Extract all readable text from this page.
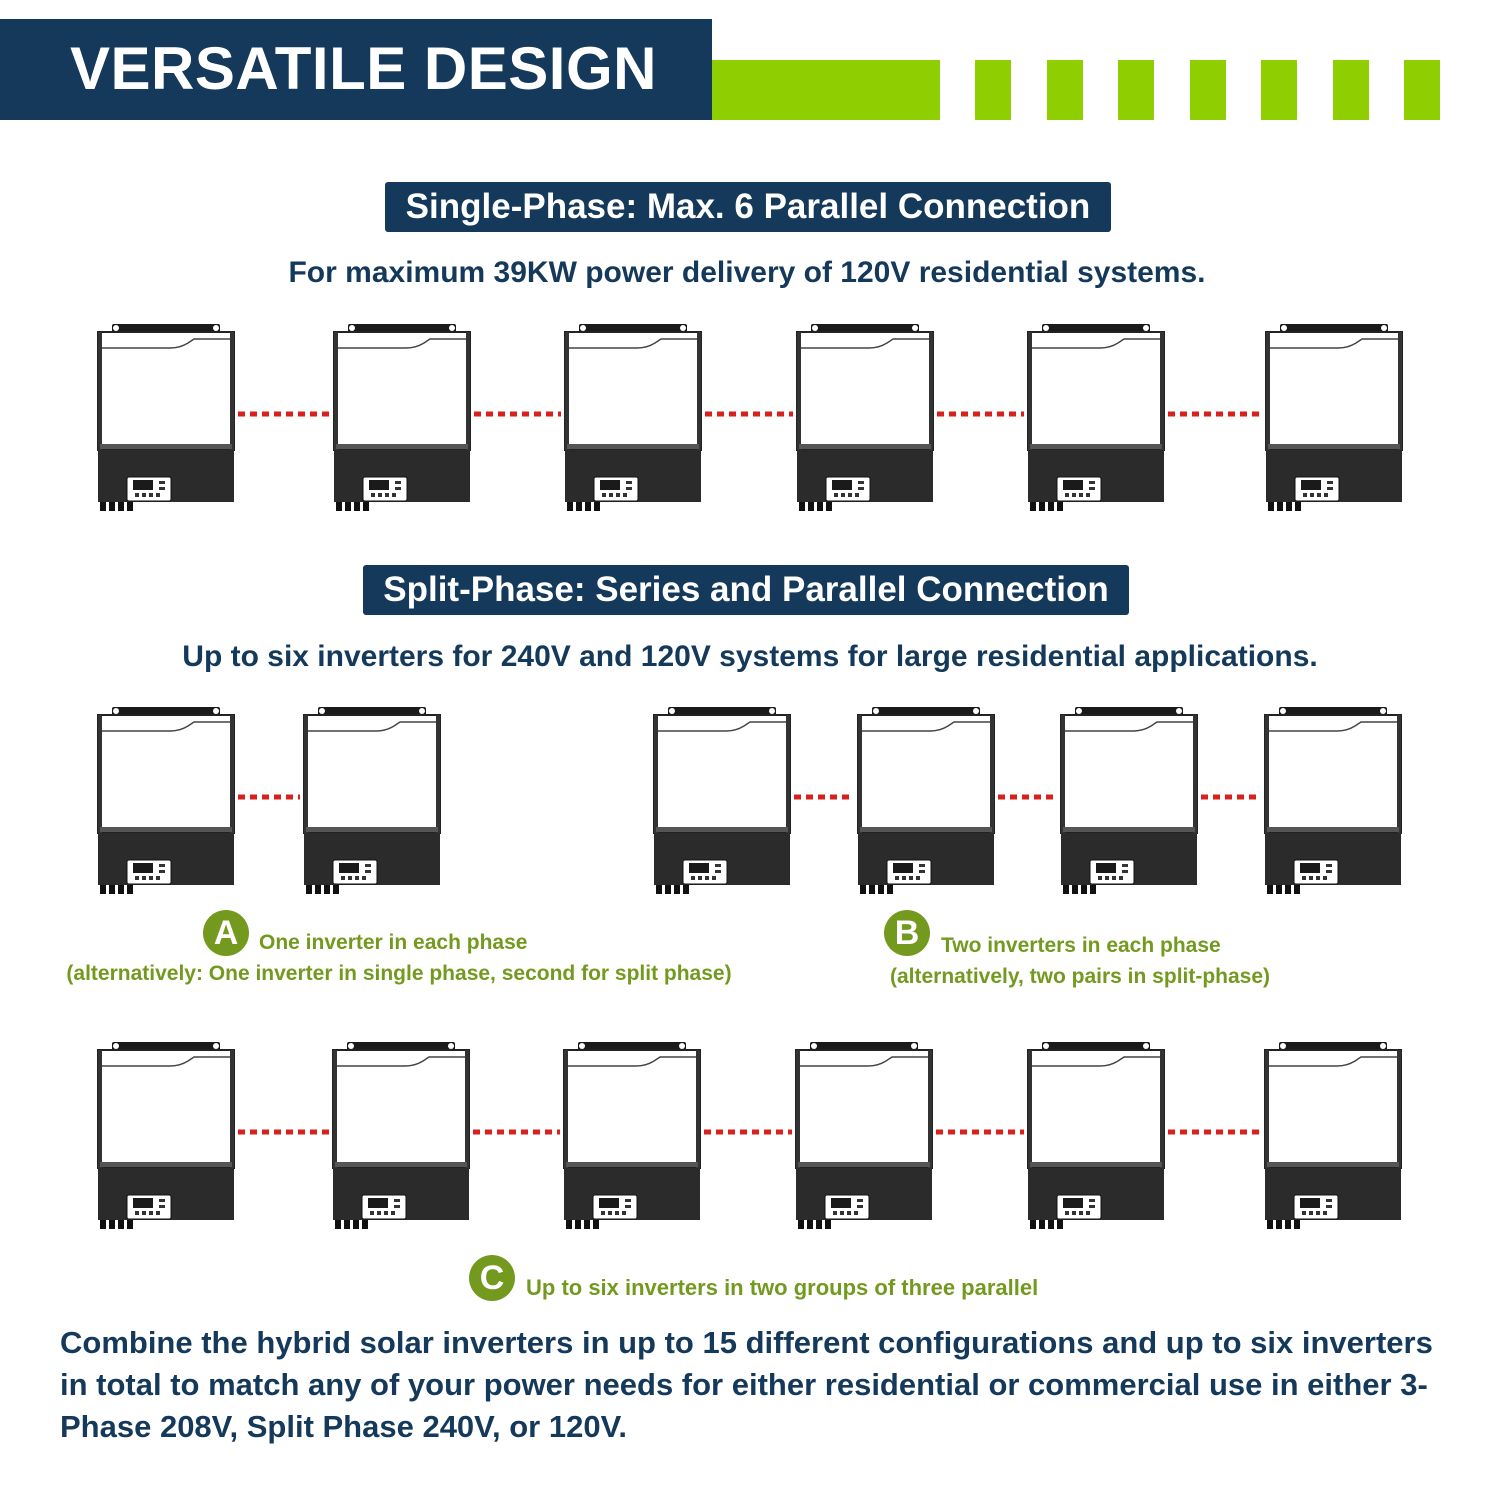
VERSATILE DESIGN
Single-Phase: Max. 6 Parallel Connection
For maximum 39KW power delivery of 120V residential systems.
Split-Phase: Series and Parallel Connection
Up to six inverters for 240V and 120V systems for large residential applications.
A One inverter in each phase
(alternatively: One inverter in single phase, second for split phase)
B	Two inverters in each phase
(alternatively, two pairs in split-phase)
C Up to six inverters in two groups of three parallel
Combine the hybrid solar inverters in up to 15 different configurations and up to six inverters in total to match any of your power needs for either residential or commercial use in either 3-Phase 208V, Split Phase 240V, or 120V.
